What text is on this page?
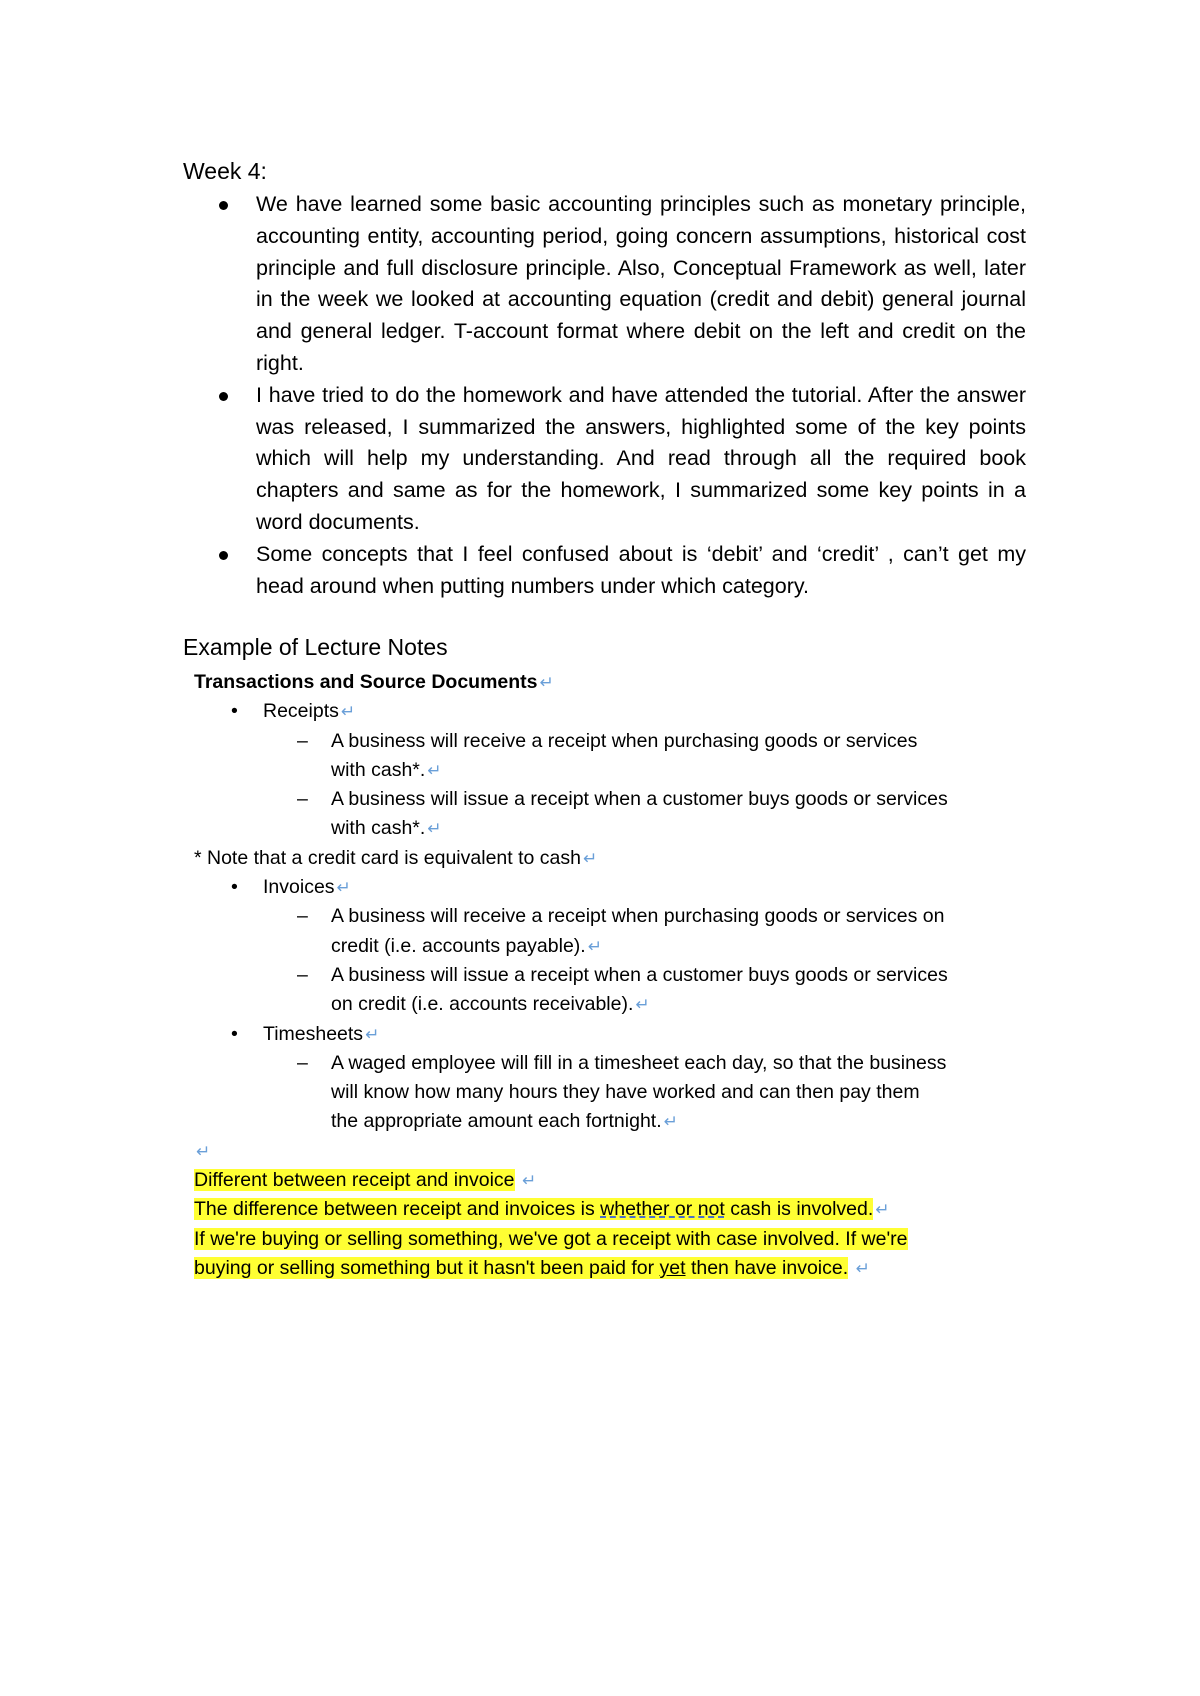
Week 4:
We have learned some basic accounting principles such as monetary principle, accounting entity, accounting period, going concern assumptions, historical cost principle and full disclosure principle. Also, Conceptual Framework as well, later in the week we looked at accounting equation (credit and debit) general journal and general ledger. T-account format where debit on the left and credit on the right.
I have tried to do the homework and have attended the tutorial. After the answer was released, I summarized the answers, highlighted some of the key points which will help my understanding. And read through all the required book chapters and same as for the homework, I summarized some key points in a word documents.
Some concepts that I feel confused about is ‘debit’ and ‘credit’ , can’t get my head around when putting numbers under which category.
Example of Lecture Notes
Transactions and Source Documents ↵
• Receipts ↵
– A business will receive a receipt when purchasing goods or services
with cash*. ↵
– A business will issue a receipt when a customer buys goods or services
with cash*. ↵
* Note that a credit card is equivalent to cash ↵
• Invoices ↵
– A business will receive a receipt when purchasing goods or services on
credit (i.e. accounts payable). ↵
– A business will issue a receipt when a customer buys goods or services
on credit (i.e. accounts receivable). ↵
• Timesheets ↵
– A waged employee will fill in a timesheet each day, so that the business
will know how many hours they have worked and can then pay them
the appropriate amount each fortnight. ↵
↵
Different between receipt and invoice ↵
The difference between receipt and invoices is whether or not cash is involved. ↵
If we're buying or selling something, we've got a receipt with case involved. If we're
buying or selling something but it hasn't been paid for yet then have invoice. ↵
